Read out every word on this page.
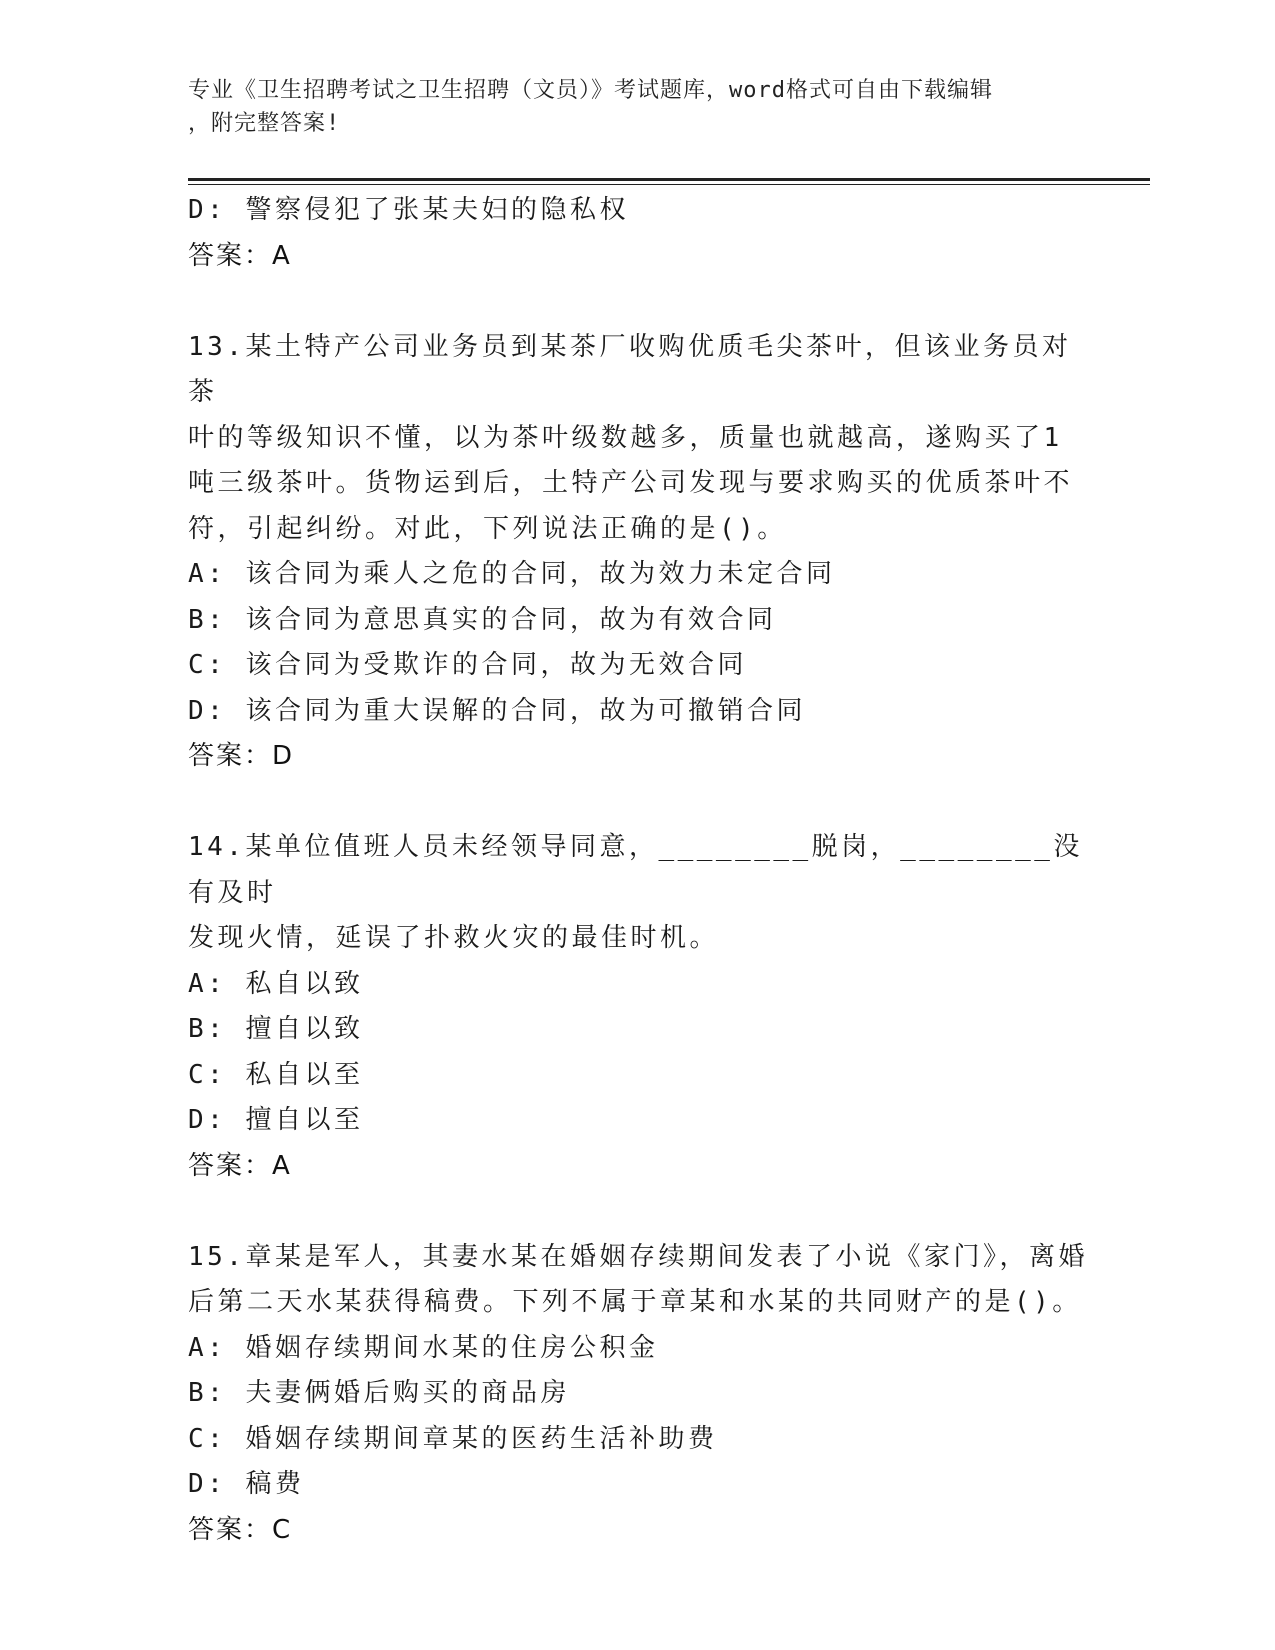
专业《卫生招聘考试之卫生招聘（文员）》考试题库，word格式可自由下载编辑
，附完整答案!
D: 警察侵犯了张某夫妇的隐私权
答案：A
13.某土特产公司业务员到某茶厂收购优质毛尖茶叶，但该业务员对茶
叶的等级知识不懂，以为茶叶级数越多，质量也就越高，遂购买了1
吨三级茶叶。货物运到后，土特产公司发现与要求购买的优质茶叶不
符，引起纠纷。对此，下列说法正确的是()。
A: 该合同为乘人之危的合同，故为效力未定合同
B: 该合同为意思真实的合同，故为有效合同
C: 该合同为受欺诈的合同，故为无效合同
D: 该合同为重大误解的合同，故为可撤销合同
答案：D
14.某单位值班人员未经领导同意，________脱岗，________没有及时
发现火情，延误了扑救火灾的最佳时机。
A: 私自以致
B: 擅自以致
C: 私自以至
D: 擅自以至
答案：A
15.章某是军人，其妻水某在婚姻存续期间发表了小说《家门》，离婚
后第二天水某获得稿费。下列不属于章某和水某的共同财产的是()。
A: 婚姻存续期间水某的住房公积金
B: 夫妻俩婚后购买的商品房
C: 婚姻存续期间章某的医药生活补助费
D: 稿费
答案：C
